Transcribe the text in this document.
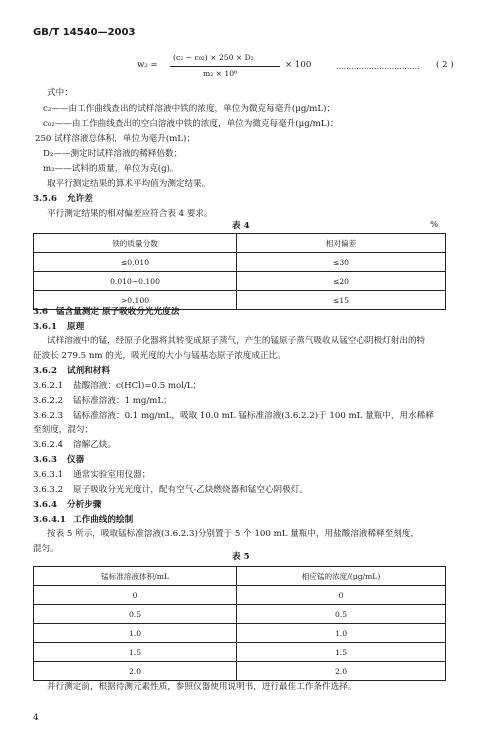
GB/T 14540—2003
w₂ =
(c₂ − c₀₂) × 250 × D₂
m₂ × 10⁶
× 100	…………………………… ( 2 )
式中：
c₂——由工作曲线查出的试样溶液中铁的浓度，单位为微克每毫升(μg/mL)；
c₀₂——由工作曲线查出的空白溶液中铁的浓度，单位为微克每毫升(μg/mL)；
250 试样溶液总体积，单位为毫升(mL)；
D₂——测定时试样溶液的稀释倍数；
m₂——试料的质量，单位为克(g)。
取平行测定结果的算术平均值为测定结果。
3.5.6 允许差
平行测定结果的相对偏差应符合表 4 要求。
表 4	%
铁的质量分数	相对偏差
≤0.010	≤30
0.010~0.100	≤20
>0.100	≤15
3.6 锰含量测定 原子吸收分光光度法
3.6.1 原理
试样溶液中的锰，经原子化器将其转变成原子蒸气，产生的锰原子蒸气吸收从锰空心阴极灯射出的特
征波长 279.5 nm 的光，吸光度的大小与锰基态原子浓度成正比。
3.6.2 试剂和材料
3.6.2.1 盐酸溶液：c(HCl)=0.5 mol/L；
3.6.2.2 锰标准溶液：1 mg/mL；
3.6.2.3 锰标准溶液：0.1 mg/mL，吸取 10.0 mL 锰标准溶液(3.6.2.2)于 100 mL 量瓶中，用水稀释
至刻度，混匀；
3.6.2.4 溶解乙炔。
3.6.3 仪器
3.6.3.1 通常实验室用仪器；
3.6.3.2 原子吸收分光光度计，配有空气-乙炔燃烧器和锰空心阴极灯。
3.6.4 分析步骤
3.6.4.1 工作曲线的绘制
按表 5 所示，吸取锰标准溶液(3.6.2.3)分别置于 5 个 100 mL 量瓶中，用盐酸溶液稀释至刻度，
混匀。
表 5
锰标准溶液体积/mL	相应锰的浓度/(μg/mL)
0	0
0.5	0.5
1.0	1.0
1.5	1.5
2.0	2.0
并行测定前，根据待测元素性质，参照仪器使用说明书，进行最佳工作条件选择。
4
